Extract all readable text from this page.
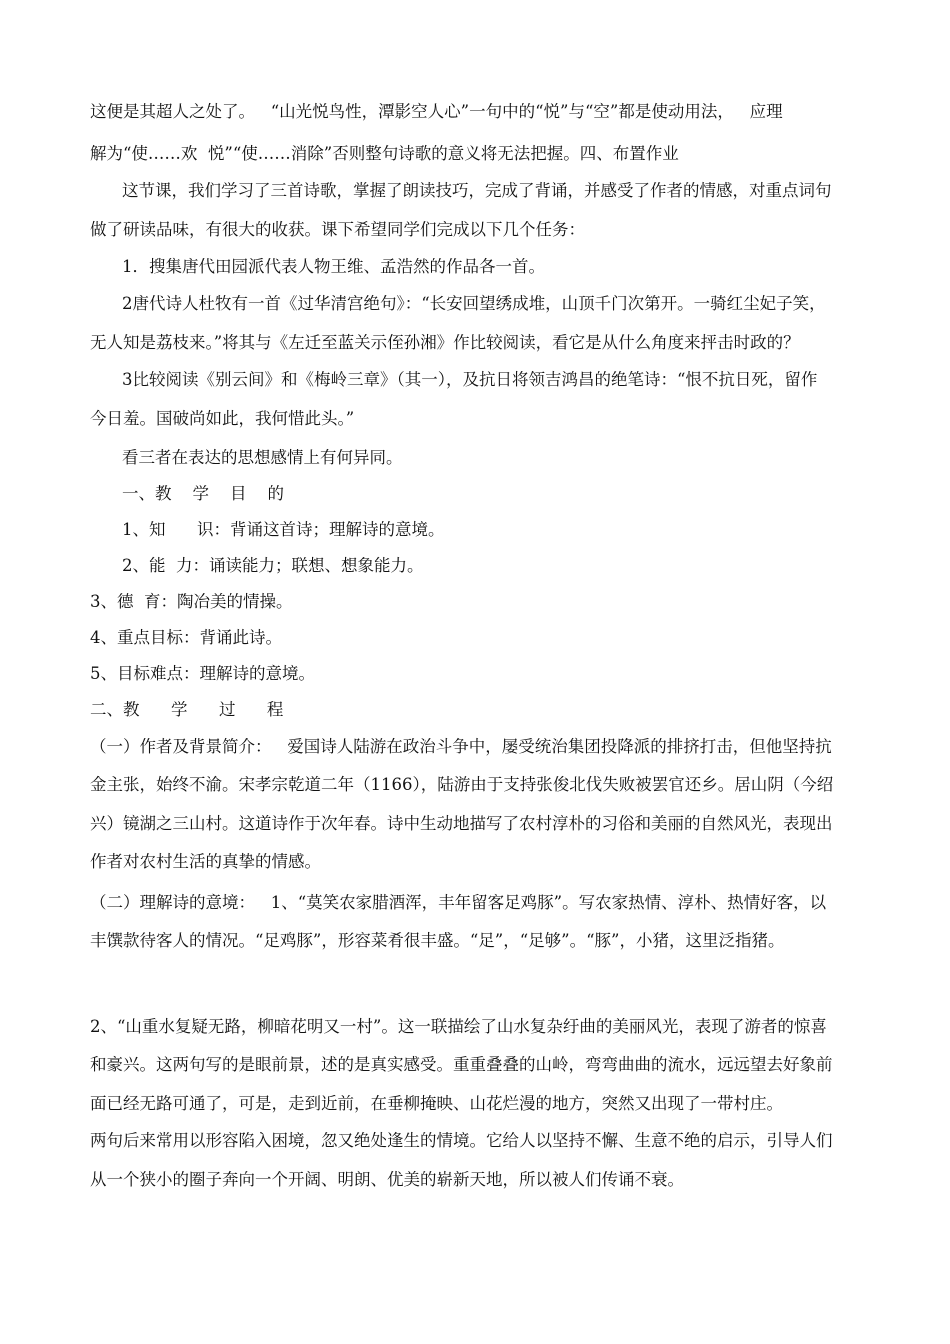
这便是其超人之处了。   “山光悦鸟性，潭影空人心”一句中的“悦”与“空”都是使动用法，   应理
解为“使……欢  悦”“使……消除”否则整句诗歌的意义将无法把握。四、布置作业
这节课，我们学习了三首诗歌，掌握了朗读技巧，完成了背诵，并感受了作者的情感，对重点词句
做了研读品味，有很大的收获。课下希望同学们完成以下几个任务：
1．搜集唐代田园派代表人物王维、孟浩然的作品各一首。
2唐代诗人杜牧有一首《过华清宫绝句》：“长安回望绣成堆，山顶千门次第开。一骑红尘妃子笑，
无人知是荔枝来。”将其与《左迁至蓝关示侄孙湘》作比较阅读，看它是从什么角度来抨击时政的？
3比较阅读《别云间》和《梅岭三章》（其一），及抗日将领吉鸿昌的绝笔诗：“恨不抗日死，留作
今日羞。国破尚如此，我何惜此头。”
看三者在表达的思想感情上有何异同。
一、教    学    目    的
1、知      识：背诵这首诗；理解诗的意境。
2、能  力：诵读能力；联想、想象能力。
3、德  育：陶冶美的情操。
4、重点目标：背诵此诗。
5、目标难点：理解诗的意境。
二、教      学      过      程
（一）作者及背景简介：   爱国诗人陆游在政治斗争中，屡受统治集团投降派的排挤打击，但他坚持抗
金主张，始终不渝。宋孝宗乾道二年（1166），陆游由于支持张俊北伐失败被罢官还乡。居山阴（今绍
兴）镜湖之三山村。这道诗作于次年春。诗中生动地描写了农村淳朴的习俗和美丽的自然风光，表现出
作者对农村生活的真挚的情感。
（二）理解诗的意境：   1、“莫笑农家腊酒浑，丰年留客足鸡豚”。写农家热情、淳朴、热情好客，以
丰馔款待客人的情况。“足鸡豚”，形容菜肴很丰盛。“足”，“足够”。“豚”，小猪，这里泛指猪。
2、“山重水复疑无路，柳暗花明又一村”。这一联描绘了山水复杂纡曲的美丽风光，表现了游者的惊喜
和豪兴。这两句写的是眼前景，述的是真实感受。重重叠叠的山岭，弯弯曲曲的流水，远远望去好象前
面已经无路可通了，可是，走到近前，在垂柳掩映、山花烂漫的地方，突然又出现了一带村庄。
两句后来常用以形容陷入困境，忽又绝处逢生的情境。它给人以坚持不懈、生意不绝的启示，引导人们
从一个狭小的圈子奔向一个开阔、明朗、优美的崭新天地，所以被人们传诵不衰。
